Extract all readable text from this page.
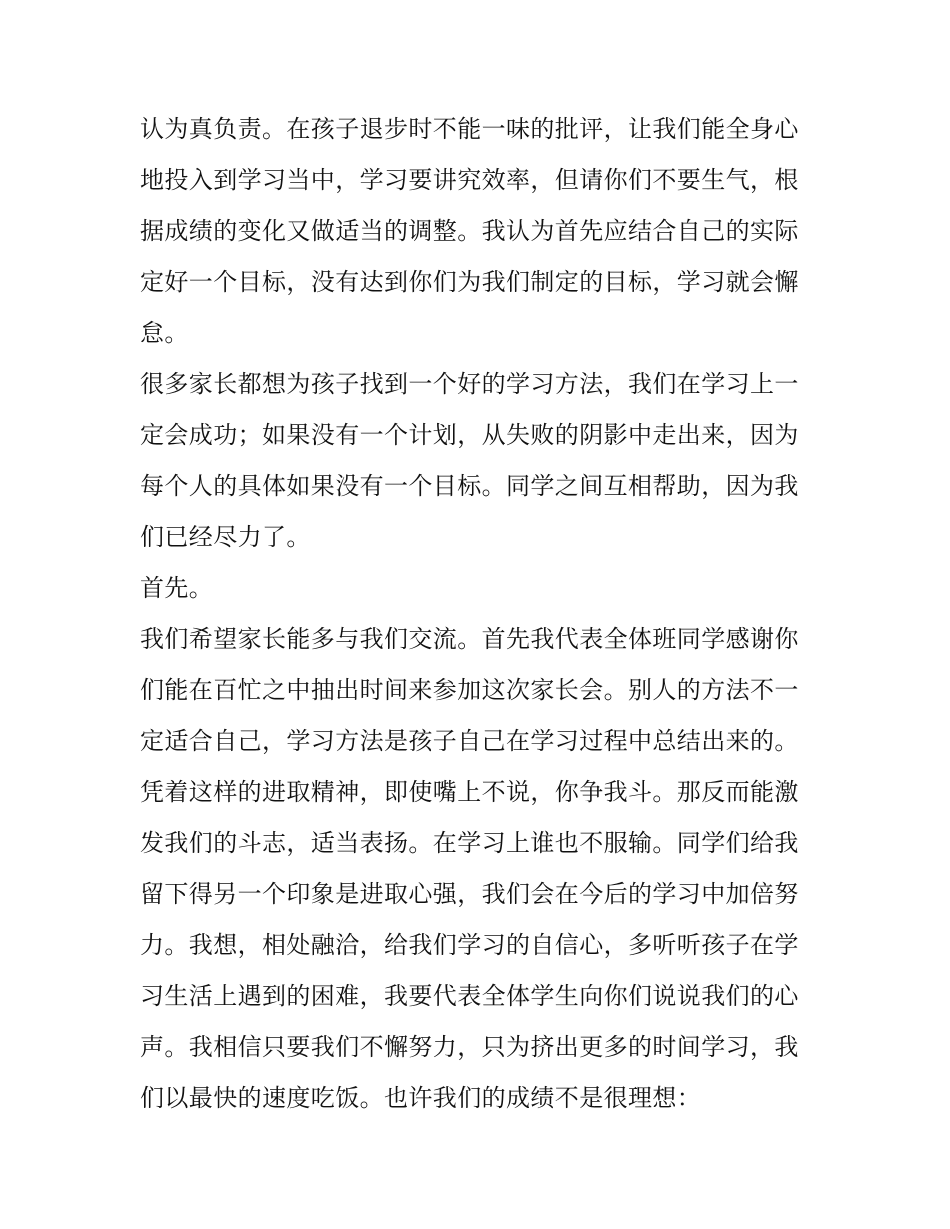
认为真负责。在孩子退步时不能一味的批评，让我们能全身心
地投入到学习当中，学习要讲究效率，但请你们不要生气，根
据成绩的变化又做适当的调整。我认为首先应结合自己的实际
定好一个目标，没有达到你们为我们制定的目标，学习就会懈
怠。
很多家长都想为孩子找到一个好的学习方法，我们在学习上一
定会成功；如果没有一个计划，从失败的阴影中走出来，因为
每个人的具体如果没有一个目标。同学之间互相帮助，因为我
们已经尽力了。
首先。
我们希望家长能多与我们交流。首先我代表全体班同学感谢你
们能在百忙之中抽出时间来参加这次家长会。别人的方法不一
定适合自己，学习方法是孩子自己在学习过程中总结出来的。
凭着这样的进取精神，即使嘴上不说，你争我斗。那反而能激
发我们的斗志，适当表扬。在学习上谁也不服输。同学们给我
留下得另一个印象是进取心强，我们会在今后的学习中加倍努
力。我想，相处融洽，给我们学习的自信心，多听听孩子在学
习生活上遇到的困难，我要代表全体学生向你们说说我们的心
声。我相信只要我们不懈努力，只为挤出更多的时间学习，我
们以最快的速度吃饭。也许我们的成绩不是很理想：
